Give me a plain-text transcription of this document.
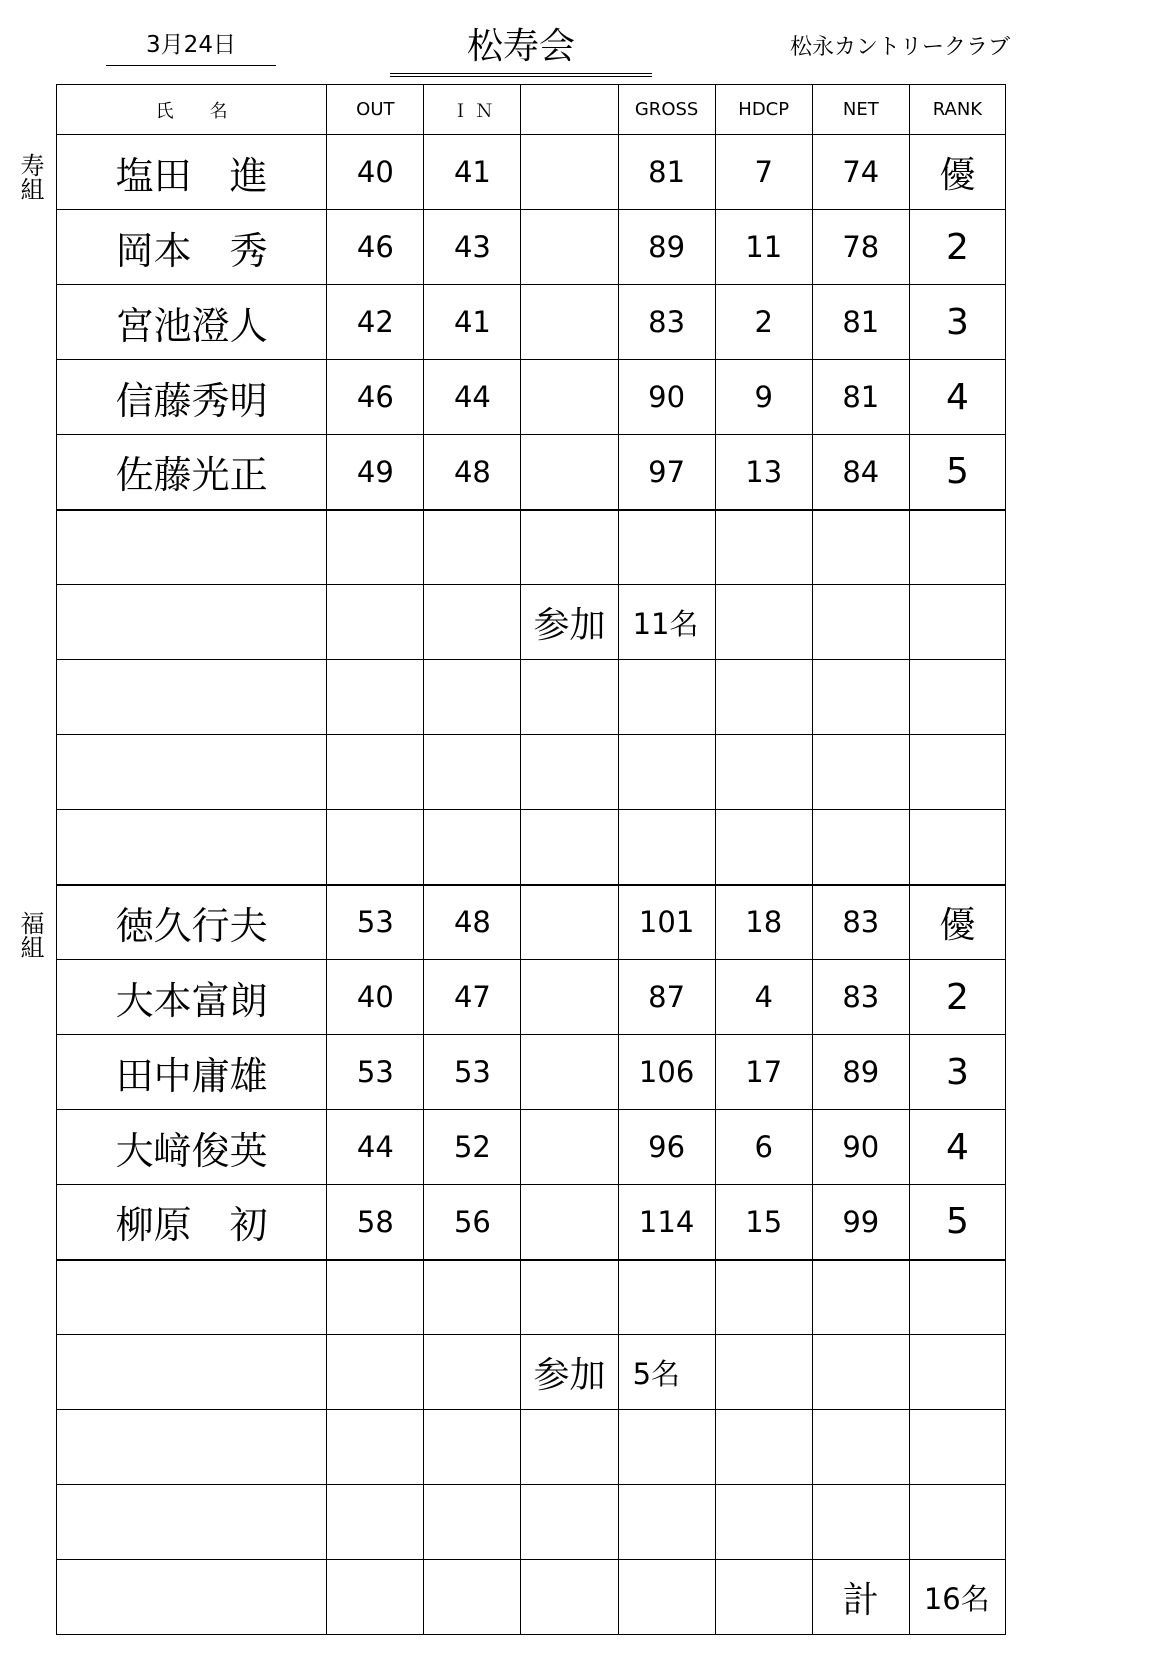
3月24日	松寿会	松永カントリークラブ
寿組
福組
氏　　名	OUT	Ｉ Ｎ		GROSS	HDCP	NET	RANK
塩田　進	40	41		81	7	74	優
岡本　秀	46	43		89	11	78	2
宮池澄人	42	41		83	2	81	3
信藤秀明	46	44		90	9	81	4
佐藤光正	49	48		97	13	84	5

			参加	11名			

徳久行夫	53	48		101	18	83	優
大本富朗	40	47		87	4	83	2
田中庸雄	53	53		106	17	89	3
大﨑俊英	44	52		96	6	90	4
柳原　初	58	56		114	15	99	5

			参加	5名			

						計	16名
